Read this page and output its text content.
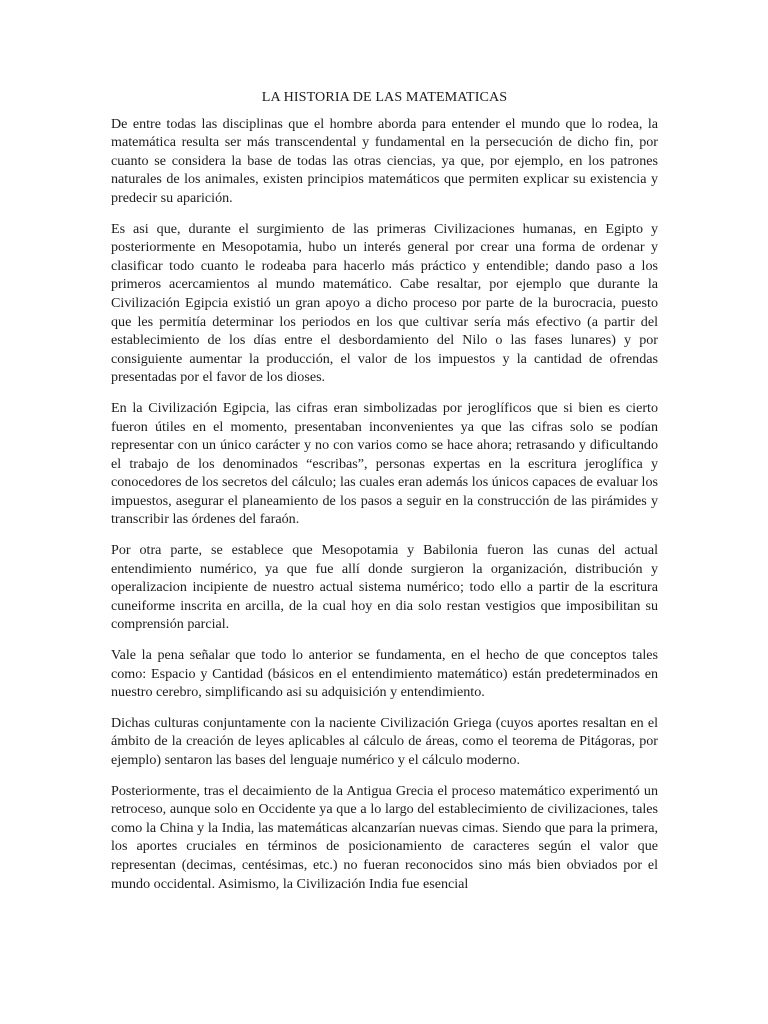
LA HISTORIA DE LAS MATEMATICAS

De entre todas las disciplinas que el hombre aborda para entender el mundo que lo rodea, la matemática resulta ser más transcendental y fundamental en la persecución de dicho fin, por cuanto se considera la base de todas las otras ciencias, ya que, por ejemplo, en los patrones naturales de los animales, existen principios matemáticos que permiten explicar su existencia y predecir su aparición.

Es asi que, durante el surgimiento de las primeras Civilizaciones humanas, en Egipto y posteriormente en Mesopotamia, hubo un interés general por crear una forma de ordenar y clasificar todo cuanto le rodeaba para hacerlo más práctico y entendible; dando paso a los primeros acercamientos al mundo matemático. Cabe resaltar, por ejemplo que durante la Civilización Egipcia existió un gran apoyo a dicho proceso por parte de la burocracia, puesto que les permitía determinar los periodos en los que cultivar sería más efectivo (a partir del establecimiento de los días entre el desbordamiento del Nilo o las fases lunares) y por consiguiente aumentar la producción, el valor de los impuestos y la cantidad de ofrendas presentadas por el favor de los dioses.

En la Civilización Egipcia, las cifras eran simbolizadas por jeroglíficos que si bien es cierto fueron útiles en el momento, presentaban inconvenientes ya que las cifras solo se podían representar con un único carácter y no con varios como se hace ahora; retrasando y dificultando el trabajo de los denominados “escribas”, personas expertas en la escritura jeroglífica y conocedores de los secretos del cálculo; las cuales eran además los únicos capaces de evaluar los impuestos, asegurar el planeamiento de los pasos a seguir en la construcción de las pirámides y transcribir las órdenes del faraón.

Por otra parte, se establece que Mesopotamia y Babilonia fueron las cunas del actual entendimiento numérico, ya que fue allí donde surgieron la organización, distribución y operalizacion incipiente de nuestro actual sistema numérico; todo ello a partir de la escritura cuneiforme inscrita en arcilla, de la cual hoy en dia solo restan vestigios que imposibilitan su comprensión parcial.

Vale la pena señalar que todo lo anterior se fundamenta, en el hecho de que conceptos tales como: Espacio y Cantidad (básicos en el entendimiento matemático) están predeterminados en nuestro cerebro, simplificando asi su adquisición y entendimiento.

Dichas culturas conjuntamente con la naciente Civilización Griega (cuyos aportes resaltan en el ámbito de la creación de leyes aplicables al cálculo de áreas, como el teorema de Pitágoras, por ejemplo) sentaron las bases del lenguaje numérico y el cálculo moderno.

Posteriormente, tras el decaimiento de la Antigua Grecia el proceso matemático experimentó un retroceso, aunque solo en Occidente ya que a lo largo del establecimiento de civilizaciones, tales como la China y la India, las matemáticas alcanzarían nuevas cimas. Siendo que para la primera, los aportes cruciales en términos de posicionamiento de caracteres según el valor que representan (decimas, centésimas, etc.) no fueran reconocidos sino más bien obviados por el mundo occidental. Asimismo, la Civilización India fue esencial
